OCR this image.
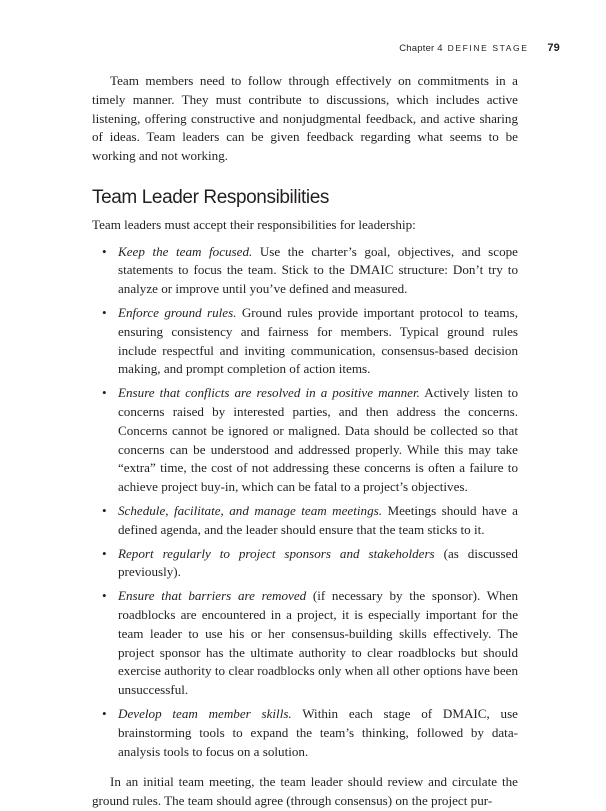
Chapter 4 DEFINE STAGE 79

Team members need to follow through effectively on commitments in a timely manner. They must contribute to discussions, which includes active listening, offering constructive and nonjudgmental feedback, and active sharing of ideas. Team leaders can be given feedback regarding what seems to be working and not working.

Team Leader Responsibilities

Team leaders must accept their responsibilities for leadership:

• Keep the team focused. Use the charter’s goal, objectives, and scope statements to focus the team. Stick to the DMAIC structure: Don’t try to analyze or improve until you’ve defined and measured.
• Enforce ground rules. Ground rules provide important protocol to teams, ensuring consistency and fairness for members. Typical ground rules include respectful and inviting communication, consensus-based decision making, and prompt completion of action items.
• Ensure that conflicts are resolved in a positive manner. Actively listen to concerns raised by interested parties, and then address the concerns. Concerns cannot be ignored or maligned. Data should be collected so that concerns can be understood and addressed properly. While this may take “extra” time, the cost of not addressing these concerns is often a failure to achieve project buy-in, which can be fatal to a project’s objectives.
• Schedule, facilitate, and manage team meetings. Meetings should have a defined agenda, and the leader should ensure that the team sticks to it.
• Report regularly to project sponsors and stakeholders (as discussed previously).
• Ensure that barriers are removed (if necessary by the sponsor). When roadblocks are encountered in a project, it is especially important for the team leader to use his or her consensus-building skills effectively. The project sponsor has the ultimate authority to clear roadblocks but should exercise authority to clear roadblocks only when all other options have been unsuccessful.
• Develop team member skills. Within each stage of DMAIC, use brainstorming tools to expand the team’s thinking, followed by data-analysis tools to focus on a solution.

In an initial team meeting, the team leader should review and circulate the ground rules. The team should agree (through consensus) on the project pur-
